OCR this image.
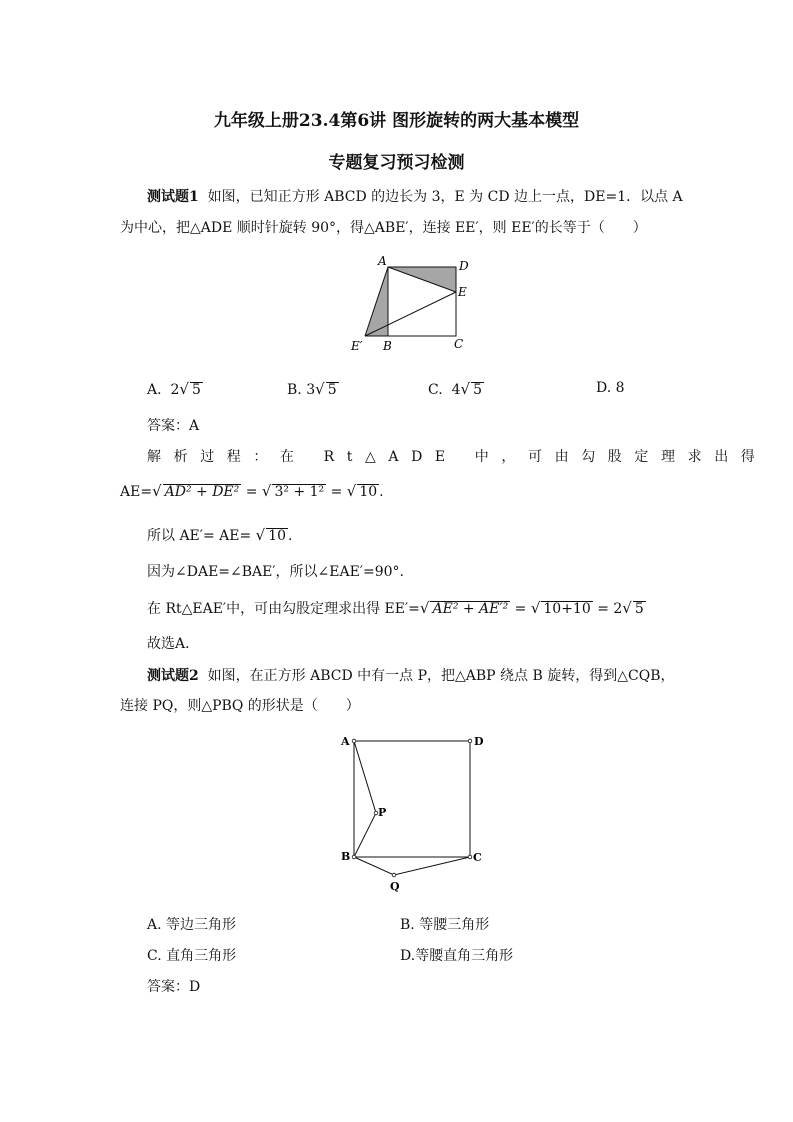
九年级上册23.4第6讲 图形旋转的两大基本模型
专题复习预习检测
测试题1 如图，已知正方形 ABCD 的边长为 3，E 为 CD 边上一点，DE=1．以点 A
为中心，把△ADE 顺时针旋转 90°，得△ABE′，连接 EE′，则 EE′的长等于（　　）
A	D
E
C
B
E′
A. 2√ 5	B. 3√ 5	C. 4√ 5	D. 8
答案：A
解析过程：在 Rt△ADE 中，可由勾股定理求出得
AE=√ AD² + DE² = √ 3² + 1² = √ 10 .
所以 AE′= AE= √ 10 .
因为∠DAE=∠BAE′，所以∠EAE′=90°.
在 Rt△EAE′中，可由勾股定理求出得 EE′=√ AE² + AE′² = √ 10+10 = 2√ 5
故选A．
测试题2 如图，在正方形 ABCD 中有一点 P，把△ABP 绕点 B 旋转，得到△CQB，
连接 PQ，则△PBQ 的形状是（　　）
A	D
P
B	C
Q
A. 等边三角形	B. 等腰三角形
C. 直角三角形	D.等腰直角三角形
答案：D
